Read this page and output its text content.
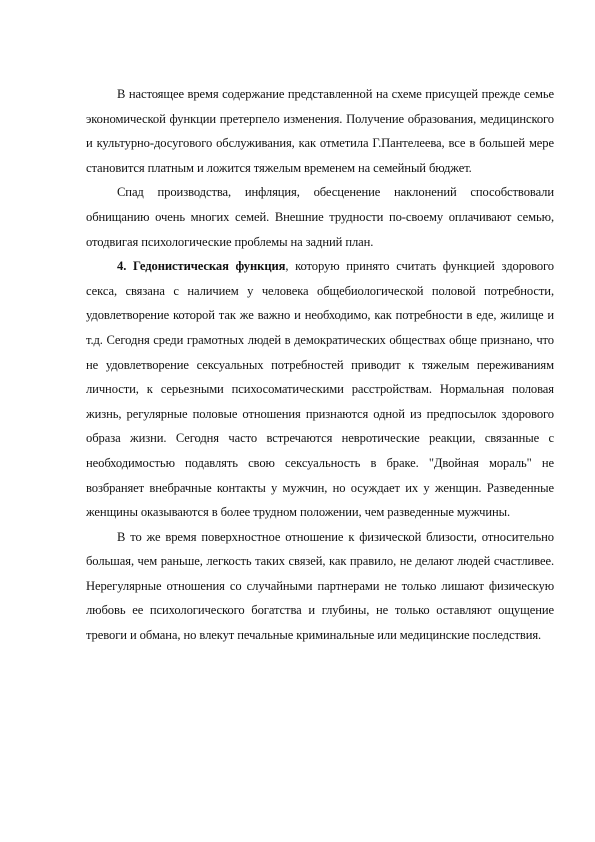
В настоящее время содержание представленной на схеме присущей прежде семье экономической функции претерпело изменения. Получение образования, медицинского и культурно-досугового обслуживания, как отметила Г.Пантелеева, все в большей мере становится платным и ложится тяжелым временем на семейный бюджет.

Спад производства, инфляция, обесценение наклонений способствовали обнищанию очень многих семей. Внешние трудности по-своему оплачивают семью, отодвигая психологические проблемы на задний план.

4. Гедонистическая функция, которую принято считать функцией здорового секса, связана с наличием у человека общебиологической половой потребности, удовлетворение которой так же важно и необходимо, как потребности в еде, жилище и т.д. Сегодня среди грамотных людей в демократических обществах обще признано, что не удовлетворение сексуальных потребностей приводит к тяжелым переживаниям личности, к серьезными психосоматическими расстройствам. Нормальная половая жизнь, регулярные половые отношения признаются одной из предпосылок здорового образа жизни. Сегодня часто встречаются невротические реакции, связанные с необходимостью подавлять свою сексуальность в браке. "Двойная мораль" не возбраняет внебрачные контакты у мужчин, но осуждает их у женщин. Разведенные женщины оказываются в более трудном положении, чем разведенные мужчины.

В то же время поверхностное отношение к физической близости, относительно большая, чем раньше, легкость таких связей, как правило, не делают людей счастливее. Нерегулярные отношения со случайными партнерами не только лишают физическую любовь ее психологического богатства и глубины, не только оставляют ощущение тревоги и обмана, но влекут печальные криминальные или медицинские последствия.
